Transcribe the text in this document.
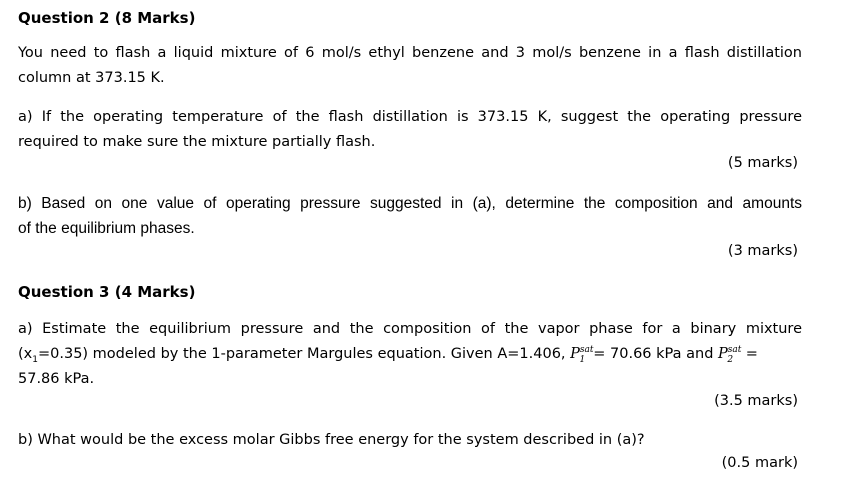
Question 2 (8 Marks)
You need to flash a liquid mixture of 6 mol/s ethyl benzene and 3 mol/s benzene in a flash distillation
column at 373.15 K.
a) If the operating temperature of the flash distillation is 373.15 K, suggest the operating pressure
required to make sure the mixture partially flash.
(5 marks)
b) Based on one value of operating pressure suggested in (a), determine the composition and amounts
of the equilibrium phases.
(3 marks)
Question 3 (4 Marks)
a) Estimate the equilibrium pressure and the composition of the vapor phase for a binary mixture
$(x_1=0.35)$ modeled by the 1-parameter Margules equation. Given A=1.406, $P^{sat}_1 = 70.66$ kPa and $P^{sat}_2$ =
57.86 kPa.
(3.5 marks)
b) What would be the excess molar Gibbs free energy for the system described in (a)?
(0.5 mark)
